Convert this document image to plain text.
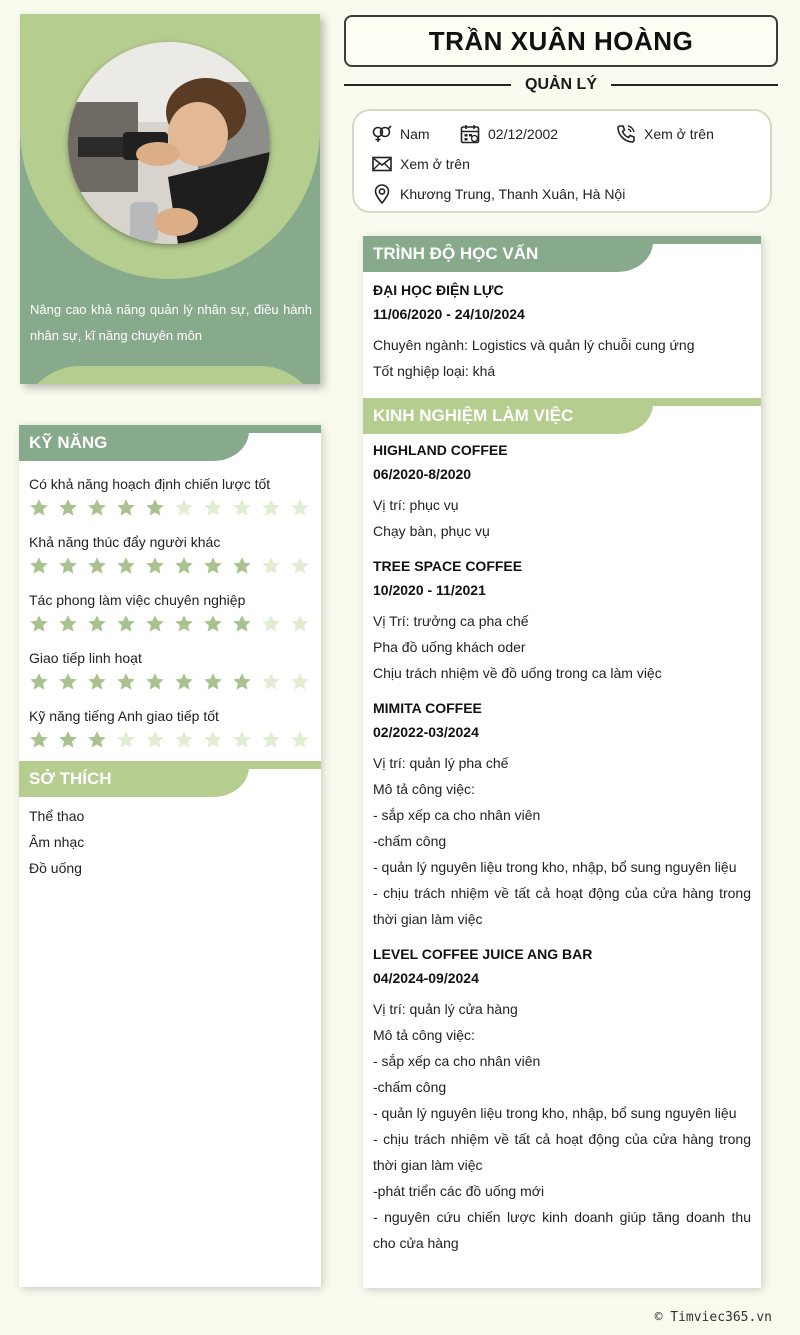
Nâng cao khả năng quản lý nhân sự, điều hành nhân sự, kĩ năng chuyên môn
KỸ NĂNG
Có khả năng hoạch định chiến lược tốt
Khả năng thúc đẩy người khác
Tác phong làm việc chuyên nghiệp
Giao tiếp linh hoạt
Kỹ năng tiếng Anh giao tiếp tốt
SỞ THÍCH
Thể thao
Âm nhạc
Đồ uống
TRẦN XUÂN HOÀNG
QUẢN LÝ
Nam	02/12/2002	Xem ở trên
Xem ở trên
Khương Trung, Thanh Xuân, Hà Nội
TRÌNH ĐỘ HỌC VẤN
ĐẠI HỌC ĐIỆN LỰC
11/06/2020 - 24/10/2024
Chuyên ngành: Logistics và quản lý chuỗi cung ứng
Tốt nghiệp loại: khá
KINH NGHIỆM LÀM VIỆC
HIGHLAND COFFEE
06/2020-8/2020
Vị trí: phục vụ
Chạy bàn, phục vụ
TREE SPACE COFFEE
10/2020 - 11/2021
Vị Trí: trưởng ca pha chế
Pha đồ uống khách oder
Chịu trách nhiệm về đồ uống trong ca làm việc
MIMITA COFFEE
02/2022-03/2024
Vị trí: quản lý pha chế
Mô tả công việc:
- sắp xếp ca cho nhân viên
-chấm công
- quản lý nguyên liệu trong kho, nhập, bổ sung nguyên liệu
- chịu trách nhiệm về tất cả hoạt động của cửa hàng trong thời gian làm việc
LEVEL COFFEE JUICE ANG BAR
04/2024-09/2024
Vị trí: quản lý cửa hàng
Mô tả công việc:
- sắp xếp ca cho nhân viên
-chấm công
- quản lý nguyên liệu trong kho, nhập, bổ sung nguyên liệu
- chịu trách nhiệm về tất cả hoạt động của cửa hàng trong thời gian làm việc
-phát triển các đồ uống mới
- nguyên cứu chiến lược kinh doanh giúp tăng doanh thu cho cửa hàng
© Timviec365.vn
